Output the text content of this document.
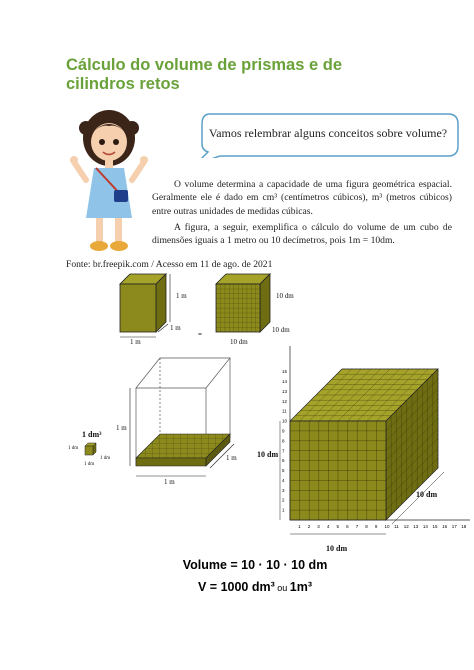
Cálculo do volume de prismas e de cilindros retos
Vamos relembrar alguns conceitos sobre volume?
O volume determina a capacidade de uma figura geométrica espacial. Geralmente ele é dado em cm³ (centímetros cúbicos), m³ (metros cúbicos) entre outras unidades de medidas cúbicas.
A figura, a seguir, exemplifica o cálculo do volume de um cubo de dimensões iguais a 1 metro ou 10 decímetros, pois 1m = 10dm.
Fonte: br.freepik.com / Acesso em 11 de ago. de 2021
1 m
1 m
1 m
-
10 dm
10 dm
10 dm
1 m
1 m
1 m
1 dm³
1 dm
1 dm
1 dm
1 2 3 4 5 6 7 8 9 10 11 12 13 14 15 16 17 18
1
2
3
4
5
6
7
8
9
10
11
12
13
14
15
10 dm
10 dm
10 dm
Volume = 10 · 10 · 10 dm
V = 1000 dm³ ou 1m³
